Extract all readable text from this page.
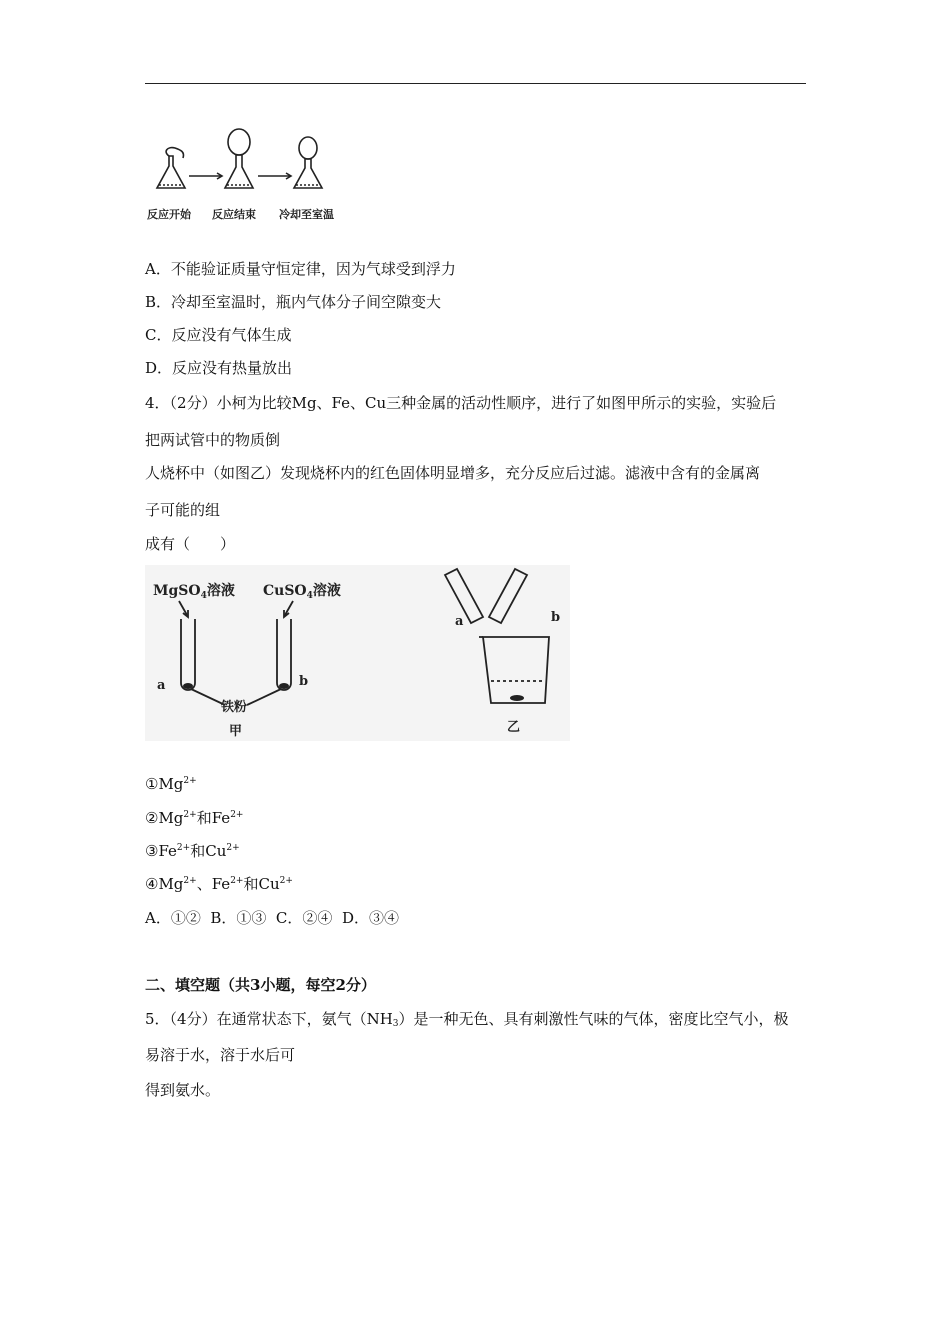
反应开始 反应结束 冷却至室温
A．不能验证质量守恒定律，因为气球受到浮力
B．冷却至室温时，瓶内气体分子间空隙变大
C．反应没有气体生成
D．反应没有热量放出
4．（2分）小柯为比较Mg、Fe、Cu三种金属的活动性顺序，进行了如图甲所示的实验，实验后
把两试管中的物质倒
人烧杯中（如图乙）发现烧杯内的红色固体明显增多，充分反应后过滤。滤液中含有的金属离
子可能的组
成有（　　）
MgSO$_4$溶液 CuSO$_4$溶液
a	b
铁粉
甲
a	b
乙
$①Mg^{2+}$
$②Mg^{2+}$和$Fe^{2+}$
$③Fe^{2+}$和$Cu^{2+}$
$④Mg^{2+}$、$Fe^{2+}$和$Cu^{2+}$
A．①②  B．①③  C．②④  D．③④
二、填空题（共3小题，每空2分）
5．（4分）在通常状态下，氨气$(NH_3)$是一种无色、具有刺激性气味的气体，密度比空气小，极
易溶于水，溶于水后可
得到氨水。
